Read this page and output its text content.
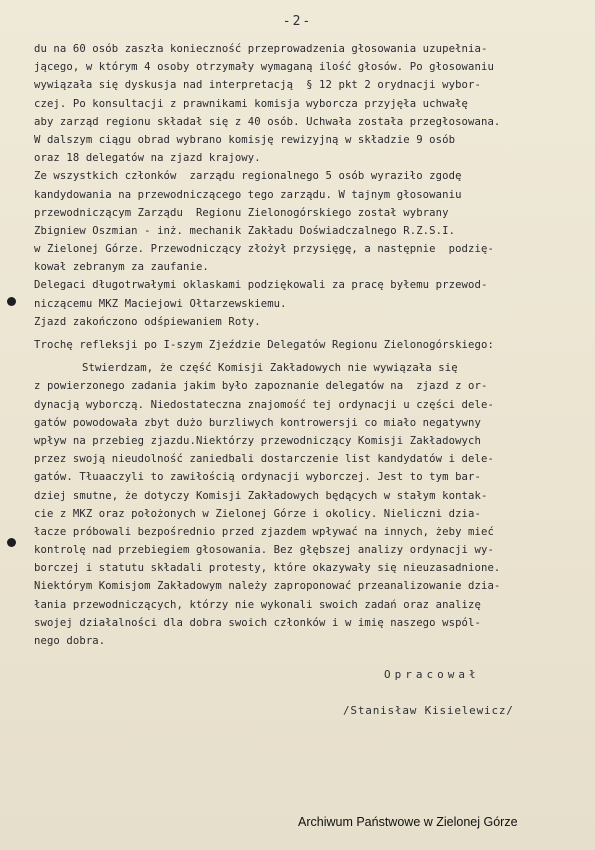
-2-
du na 60 osób zaszła konieczność przeprowadzenia głosowania uzupełnia-
jącego, w którym 4 osoby otrzymały wymaganą ilość głosów. Po głosowaniu
wywiązała się dyskusja nad interpretacją  § 12 pkt 2 orydnacji wybor-
czej. Po konsultacji z prawnikami komisja wyborcza przyjęła uchwałę
aby zarząd regionu składał się z 40 osób. Uchwała została przegłosowana.
W dalszym ciągu obrad wybrano komisję rewizyjną w składzie 9 osób
oraz 18 delegatów na zjazd krajowy.
Ze wszystkich członków  zarządu regionalnego 5 osób wyraziło zgodę
kandydowania na przewodniczącego tego zarządu. W tajnym głosowaniu
przewodniczącym Zarządu  Regionu Zielonogórskiego został wybrany
Zbigniew Oszmian - inż. mechanik Zakładu Doświadczalnego R.Z.S.I.
w Zielonej Górze. Przewodniczący złożył przysięgę, a następnie  podzię-
kował zebranym za zaufanie.
Delegaci długotrwałymi oklaskami podziękowali za pracę byłemu przewod-
niczącemu MKZ Maciejowi Ołtarzewskiemu.
Zjazd zakończono odśpiewaniem Roty.
Trochę refleksji po I-szym Zjeździe Delegatów Regionu Zielonogórskiego:
Stwierdzam, że część Komisji Zakładowych nie wywiązała się
z powierzonego zadania jakim było zapoznanie delegatów na  zjazd z or-
dynacją wyborczą. Niedostateczna znajomość tej ordynacji u części dele-
gatów powodowała zbyt dużo burzliwych kontrowersji co miało negatywny
wpływ na przebieg zjazdu.Niektórzy przewodniczący Komisji Zakładowych
przez swoją nieudolność zaniedbali dostarczenie list kandydatów i dele-
gatów. Tłuaaczyli to zawiłością ordynacji wyborczej. Jest to tym bar-
dziej smutne, że dotyczy Komisji Zakładowych będących w stałym kontak-
cie z MKZ oraz położonych w Zielonej Górze i okolicy. Nieliczni dzia-
łacze próbowali bezpośrednio przed zjazdem wpływać na innych, żeby mieć
kontrolę nad przebiegiem głosowania. Bez głębszej analizy ordynacji wy-
borczej i statutu składali protesty, które okazywały się nieuzasadnione.
Niektórym Komisjom Zakładowym należy zaproponować przeanalizowanie dzia-
łania przewodniczących, którzy nie wykonali swoich zadań oraz analizę
swojej działalności dla dobra swoich członków i w imię naszego wspól-
nego dobra.
Opracował
/Stanisław Kisielewicz/
Archiwum Państwowe w Zielonej Górze
